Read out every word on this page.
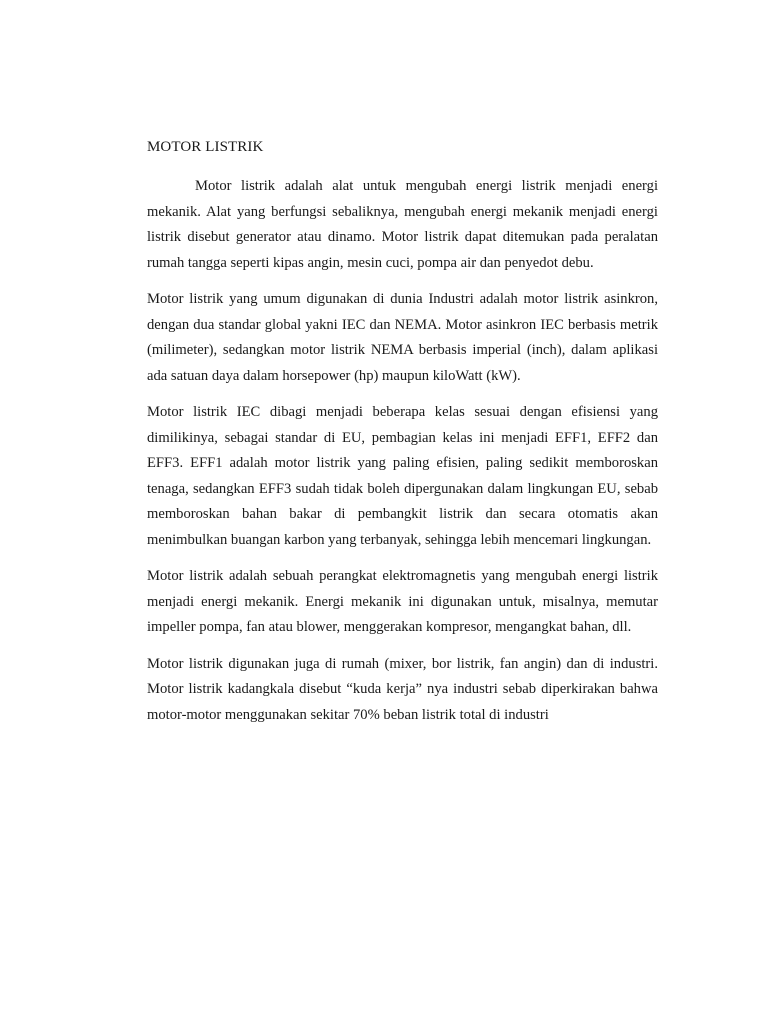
MOTOR LISTRIK

Motor listrik adalah alat untuk mengubah energi listrik menjadi energi mekanik. Alat yang berfungsi sebaliknya, mengubah energi mekanik menjadi energi listrik disebut generator atau dinamo. Motor listrik dapat ditemukan pada peralatan rumah tangga seperti kipas angin, mesin cuci, pompa air dan penyedot debu.

Motor listrik yang umum digunakan di dunia Industri adalah motor listrik asinkron, dengan dua standar global yakni IEC dan NEMA. Motor asinkron IEC berbasis metrik (milimeter), sedangkan motor listrik NEMA berbasis imperial (inch), dalam aplikasi ada satuan daya dalam horsepower (hp) maupun kiloWatt (kW).

Motor listrik IEC dibagi menjadi beberapa kelas sesuai dengan efisiensi yang dimilikinya, sebagai standar di EU, pembagian kelas ini menjadi EFF1, EFF2 dan EFF3. EFF1 adalah motor listrik yang paling efisien, paling sedikit memboroskan tenaga, sedangkan EFF3 sudah tidak boleh dipergunakan dalam lingkungan EU, sebab memboroskan bahan bakar di pembangkit listrik dan secara otomatis akan menimbulkan buangan karbon yang terbanyak, sehingga lebih mencemari lingkungan.

Motor listrik adalah sebuah perangkat elektromagnetis yang mengubah energi listrik menjadi energi mekanik. Energi mekanik ini digunakan untuk, misalnya, memutar impeller pompa, fan atau blower, menggerakan kompresor, mengangkat bahan, dll.

Motor listrik digunakan juga di rumah (mixer, bor listrik, fan angin) dan di industri. Motor listrik kadangkala disebut “kuda kerja” nya industri sebab diperkirakan bahwa motor-motor menggunakan sekitar 70% beban listrik total di industri
